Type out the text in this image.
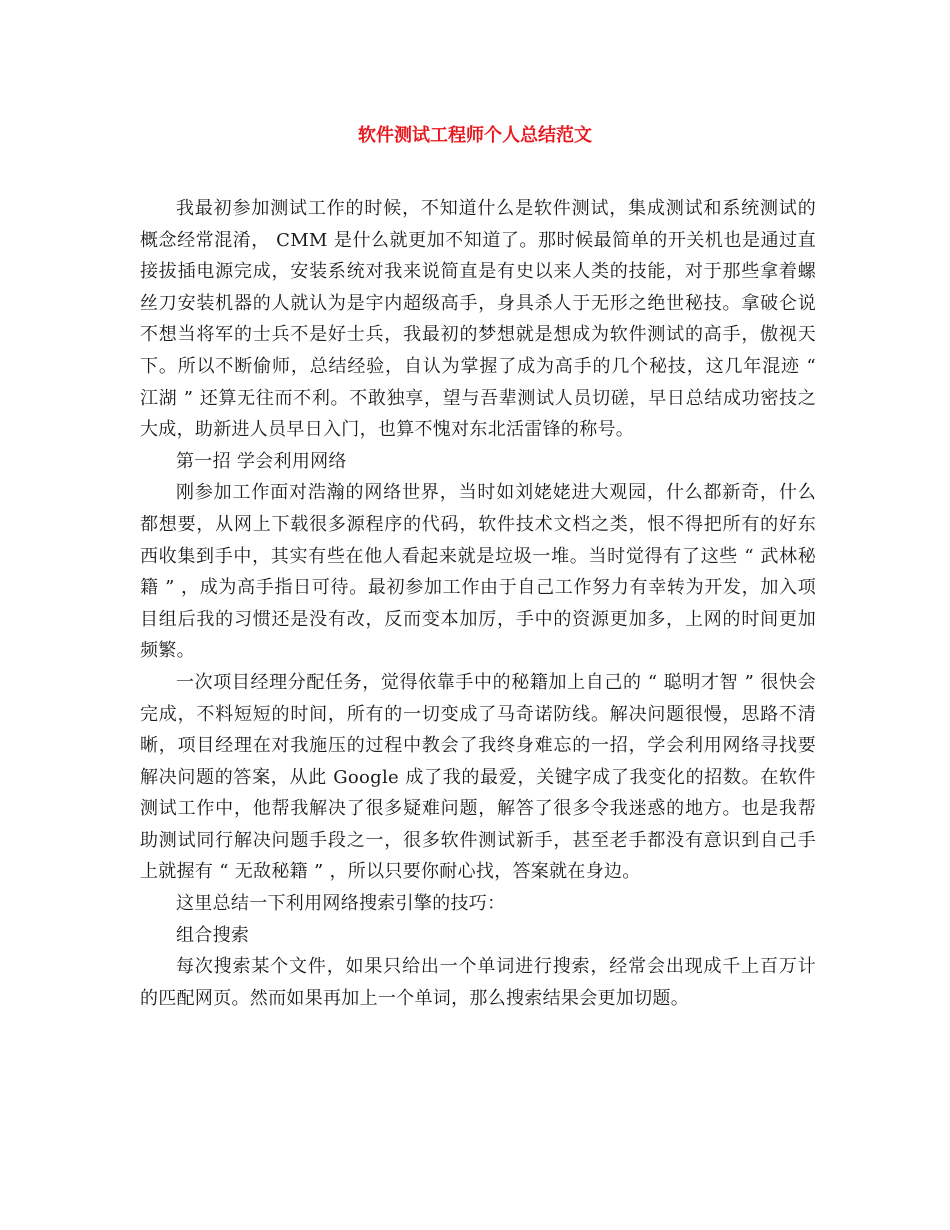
软件测试工程师个人总结范文

我最初参加测试工作的时候，不知道什么是软件测试，集成测试和系统测试的概念经常混淆， CMM 是什么就更加不知道了。那时候最简单的开关机也是通过直接拔插电源完成，安装系统对我来说简直是有史以来人类的技能，对于那些拿着螺丝刀安装机器的人就认为是宇内超级高手，身具杀人于无形之绝世秘技。拿破仑说不想当将军的士兵不是好士兵，我最初的梦想就是想成为软件测试的高手，傲视天下。所以不断偷师，总结经验，自认为掌握了成为高手的几个秘技，这几年混迹 “ 江湖 ” 还算无往而不利。不敢独享，望与吾辈测试人员切磋，早日总结成功密技之大成，助新进人员早日入门，也算不愧对东北活雷锋的称号。

第一招 学会利用网络

刚参加工作面对浩瀚的网络世界，当时如刘姥姥进大观园，什么都新奇，什么都想要，从网上下载很多源程序的代码，软件技术文档之类，恨不得把所有的好东西收集到手中，其实有些在他人看起来就是垃圾一堆。当时觉得有了这些 “ 武林秘籍 ” ，成为高手指日可待。最初参加工作由于自己工作努力有幸转为开发，加入项目组后我的习惯还是没有改，反而变本加厉，手中的资源更加多，上网的时间更加频繁。

一次项目经理分配任务，觉得依靠手中的秘籍加上自己的 “ 聪明才智 ” 很快会完成，不料短短的时间，所有的一切变成了马奇诺防线。解决问题很慢，思路不清晰，项目经理在对我施压的过程中教会了我终身难忘的一招，学会利用网络寻找要解决问题的答案，从此 Google 成了我的最爱，关键字成了我变化的招数。在软件测试工作中，他帮我解决了很多疑难问题，解答了很多令我迷惑的地方。也是我帮助测试同行解决问题手段之一，很多软件测试新手，甚至老手都没有意识到自己手上就握有 “ 无敌秘籍 ” ，所以只要你耐心找，答案就在身边。

这里总结一下利用网络搜索引擎的技巧：

组合搜索

每次搜索某个文件，如果只给出一个单词进行搜索，经常会出现成千上百万计的匹配网页。然而如果再加上一个单词，那么搜索结果会更加切题。
